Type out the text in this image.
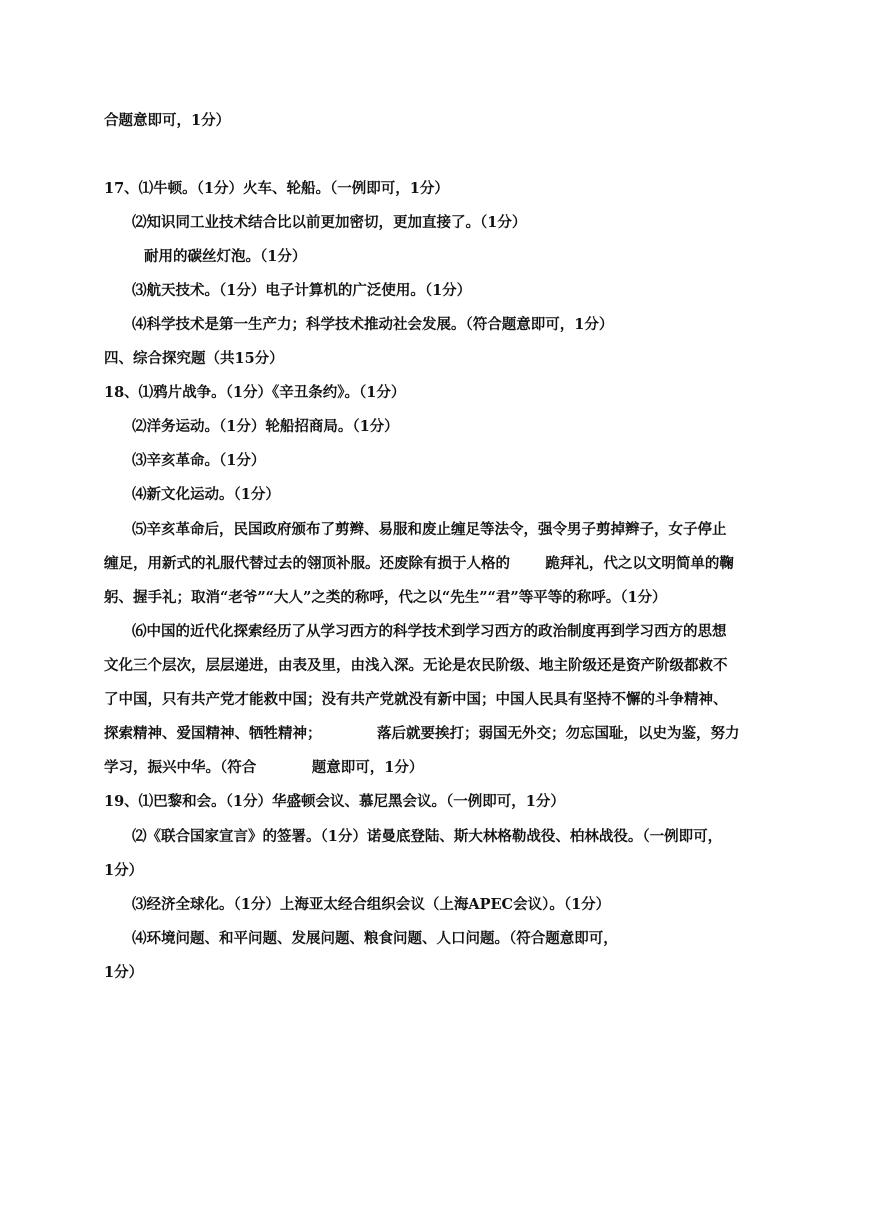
合题意即可，1分）
17、⑴牛顿。（1分）火车、轮船。（一例即可，1分）
⑵知识同工业技术结合比以前更加密切，更加直接了。（1分）
耐用的碳丝灯泡。（1分）
⑶航天技术。（1分）电子计算机的广泛使用。（1分）
⑷科学技术是第一生产力；科学技术推动社会发展。（符合题意即可，1分）
四、综合探究题（共15分）
18、⑴鸦片战争。（1分）《辛丑条约》。（1分）
⑵洋务运动。（1分）轮船招商局。（1分）
⑶辛亥革命。（1分）
⑷新文化运动。（1分）
⑸辛亥革命后，民国政府颁布了剪辫、易服和废止缠足等法令，强令男子剪掉辫子，女子停止
缠足，用新式的礼服代替过去的翎顶补服。还废除有损于人格的       跪拜礼，代之以文明简单的鞠
躬、握手礼；取消“老爷”“大人”之类的称呼，代之以“先生”“君”等平等的称呼。（1分）
⑹中国的近代化探索经历了从学习西方的科学技术到学习西方的政治制度再到学习西方的思想
文化三个层次，层层递进，由表及里，由浅入深。无论是农民阶级、地主阶级还是资产阶级都救不
了中国，只有共产党才能救中国；没有共产党就没有新中国；中国人民具有坚持不懈的斗争精神、
探索精神、爱国精神、牺牲精神；           落后就要挨打；弱国无外交；勿忘国耻，以史为鉴，努力
学习，振兴中华。（符合           题意即可，1分）
19、⑴巴黎和会。（1分）华盛顿会议、慕尼黑会议。（一例即可，1分）
⑵《联合国家宣言》的签署。（1分）诺曼底登陆、斯大林格勒战役、柏林战役。（一例即可，
1分）
⑶经济全球化。（1分）上海亚太经合组织会议（上海APEC会议）。（1分）
⑷环境问题、和平问题、发展问题、粮食问题、人口问题。（符合题意即可，
1分）
